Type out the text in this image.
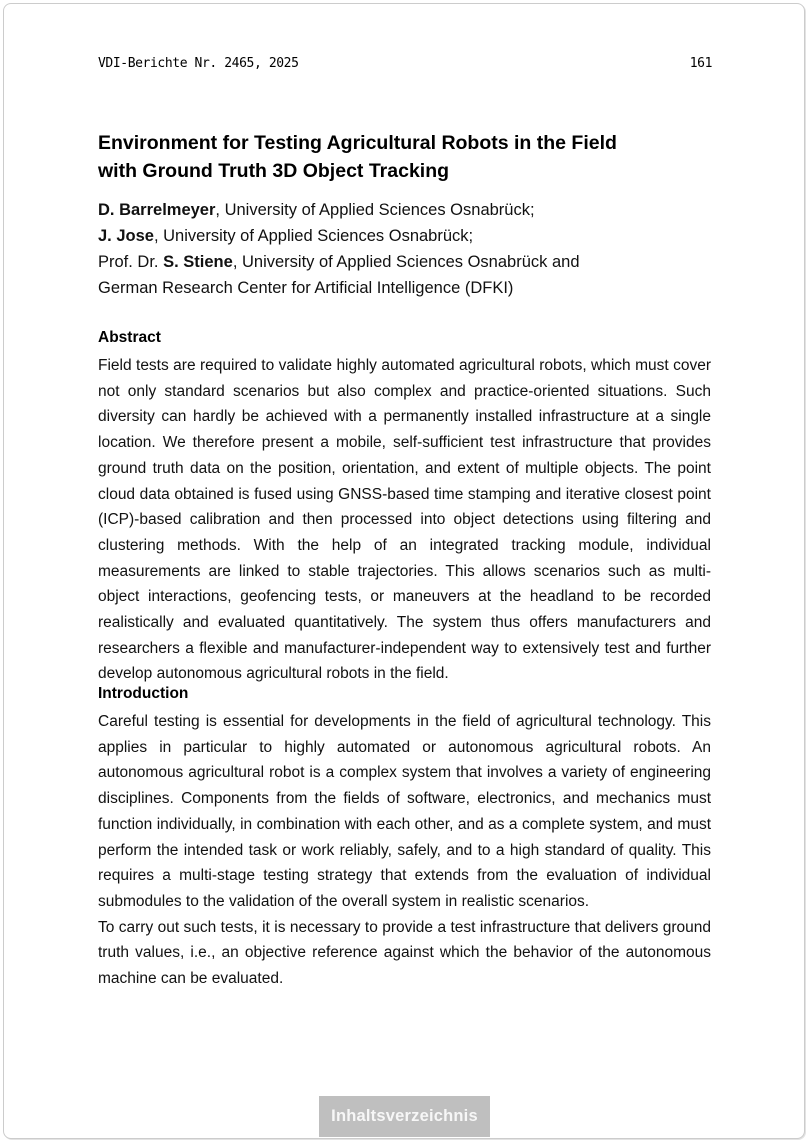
VDI-Berichte Nr. 2465, 2025	161
Environment for Testing Agricultural Robots in the Field
with Ground Truth 3D Object Tracking
D. Barrelmeyer, University of Applied Sciences Osnabrück;
J. Jose, University of Applied Sciences Osnabrück;
Prof. Dr. S. Stiene, University of Applied Sciences Osnabrück and
German Research Center for Artificial Intelligence (DFKI)
Abstract

Field tests are required to validate highly automated agricultural robots, which must cover not only standard scenarios but also complex and practice-oriented situations. Such diversity can hardly be achieved with a permanently installed infrastructure at a single location. We therefore present a mobile, self-sufficient test infrastructure that provides ground truth data on the position, orientation, and extent of multiple objects. The point cloud data obtained is fused using GNSS-based time stamping and iterative closest point (ICP)-based calibration and then processed into object detections using filtering and clustering methods. With the help of an integrated tracking module, individual measurements are linked to stable trajectories. This allows scenarios such as multi-object interactions, geofencing tests, or maneuvers at the headland to be recorded realistically and evaluated quantitatively. The system thus offers manufacturers and researchers a flexible and manufacturer-independent way to extensively test and further develop autonomous agricultural robots in the field.

Introduction

Careful testing is essential for developments in the field of agricultural technology. This applies in particular to highly automated or autonomous agricultural robots. An autonomous agricultural robot is a complex system that involves a variety of engineering disciplines. Components from the fields of software, electronics, and mechanics must function individually, in combination with each other, and as a complete system, and must perform the intended task or work reliably, safely, and to a high standard of quality. This requires a multi-stage testing strategy that extends from the evaluation of individual submodules to the validation of the overall system in realistic scenarios.

To carry out such tests, it is necessary to provide a test infrastructure that delivers ground truth values, i.e., an objective reference against which the behavior of the autonomous machine can be evaluated.

Inhaltsverzeichnis
